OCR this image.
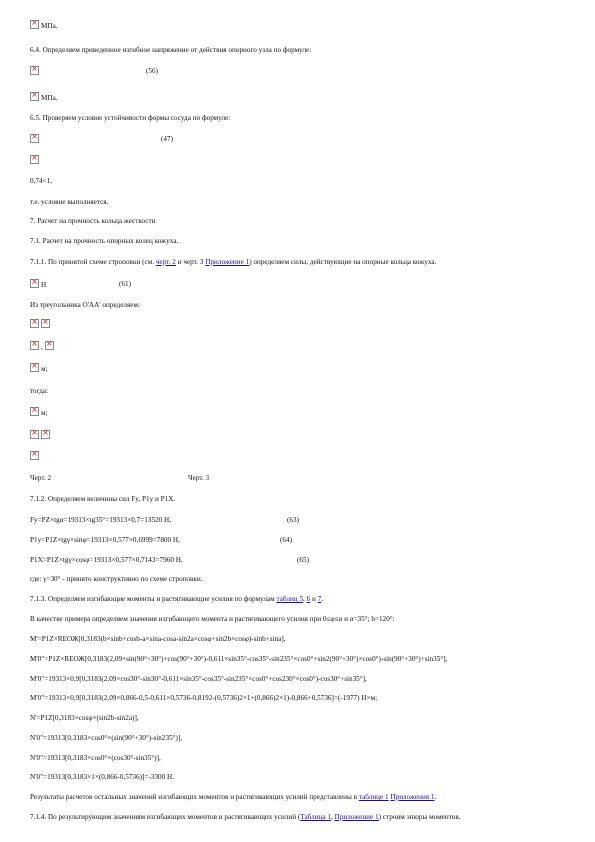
×МПа.
6.4. Определяем приведенное изгибное напряжение от действия опорного узла по формуле:
×
(56)
×МПа.
6.5. Проверяем условие устойчивости формы сосуда по формуле:
×
(47)
×
0,74<1,
т.е. условие выполняется.
7. Расчет на прочность кольца жесткости
7.1. Расчет на прочность опорных колец кожуха.
7.1.1. По принятой схеме строповки (см. черт. 2 и черт. 3 Приложение 1) определяем силы, действующие на опорные кольца кожуха.
×Н	(61)
Из треугольника О'АА' определяем:
××
×, ×
×м;
тогда:
×м;
××
×
Черт. 2	Черт. 3
7.1.2. Определяем величины сил Fy, P1y и P1X.
Fy=PZ×tgα=19313×tg35°=19313×0,7=13520 Н,	(63)
P1y=P1Z×tgγ×sinφ=19313×0,577×0,6999=7800 Н,	(64)
P1X=P1Z×tgγ×cosφ=19313×0,577×0,7143=7960 Н,	(65)
где: γ=30° - принято конструктивно по схеме строповки.
7.1.3. Определяем изгибающие моменты и растягивающие усилия по формулам таблиц 5, 6 и 7.
В качестве примера определяем значения изгибающего момента и растягивающего усилия при 0≤φ≤α и α=35°; b=120°:
M'=P1Z×REОЖ[0,3183(b×sinb+cosb-a×sina-cosa-sin2a×cosφ+sin2b×cosφ)-sinb+sina],
M'0"=P1Z×REОЖ[0,3183(2,09×sin(90°+30°)+cos(90°+30°)-0,611×sin35°-cos35°-sin235°×cos0°+sin2(90°+30°)×cos0°)-sin(90°+30°)+sin35°],
M'0"=19313×0,9[0,3183(2,09×cos30°-sin30°-0,611×sin35°-cos35°-sin235°×cos0°+cos230°×cos0°)-cos30°+sin35°],
M'0"=19313×0,9[0,3183(2,09×0,866-0,5-0,611×0,5736-0,8192-(0,5736)2×1+(0,866)2×1)-0,866+0,5736]=(-1977) Н×м;
N'=P1Z[0,3183×cosφ×(sin2b-sin2a)],
N'0"=19313[0,3183×cos0°×(sin(90°+30°)-sin235°)],
N'0"=19313[0,3183×cos0°×(cos30°-sin35°)],
N'0"=19313[0,3183×1×(0,866-0,5736)]=-3300 Н.
Результаты расчетов остальных значений изгибающих моментов и растягивающих усилий представлены в таблице 1 Приложения 1.
7.1.4. По результирующим значениям изгибающих моментов и растягивающих усилий (Таблица 1, Приложение 1) строим эпюры моментов.
